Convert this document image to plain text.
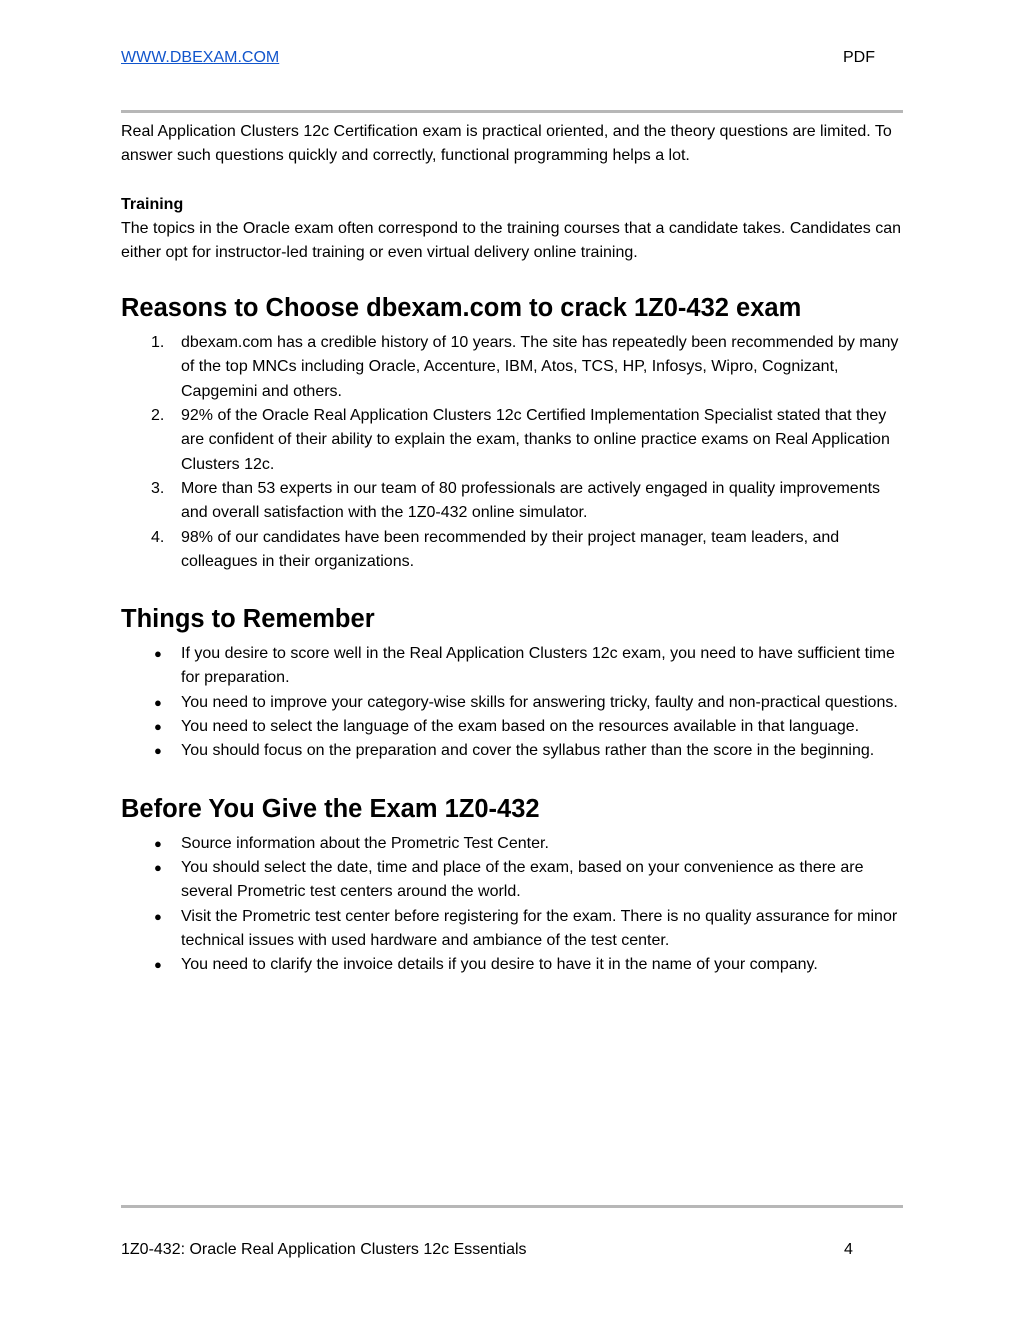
WWW.DBEXAM.COM	PDF

Real Application Clusters 12c Certification exam is practical oriented, and the theory questions are limited. To answer such questions quickly and correctly, functional programming helps a lot.

Training

The topics in the Oracle exam often correspond to the training courses that a candidate takes. Candidates can either opt for instructor-led training or even virtual delivery online training.

Reasons to Choose dbexam.com to crack 1Z0-432 exam
1. dbexam.com has a credible history of 10 years. The site has repeatedly been recommended by many of the top MNCs including Oracle, Accenture, IBM, Atos, TCS, HP, Infosys, Wipro, Cognizant, Capgemini and others.
2. 92% of the Oracle Real Application Clusters 12c Certified Implementation Specialist stated that they are confident of their ability to explain the exam, thanks to online practice exams on Real Application Clusters 12c.
3. More than 53 experts in our team of 80 professionals are actively engaged in quality improvements and overall satisfaction with the 1Z0-432 online simulator.
4. 98% of our candidates have been recommended by their project manager, team leaders, and colleagues in their organizations.
Things to Remember
● If you desire to score well in the Real Application Clusters 12c exam, you need to have sufficient time for preparation.
● You need to improve your category-wise skills for answering tricky, faulty and non-practical questions.
● You need to select the language of the exam based on the resources available in that language.
● You should focus on the preparation and cover the syllabus rather than the score in the beginning.
Before You Give the Exam 1Z0-432
● Source information about the Prometric Test Center.
● You should select the date, time and place of the exam, based on your convenience as there are several Prometric test centers around the world.
● Visit the Prometric test center before registering for the exam. There is no quality assurance for minor technical issues with used hardware and ambiance of the test center.
● You need to clarify the invoice details if you desire to have it in the name of your company.
1Z0-432: Oracle Real Application Clusters 12c Essentials	4
